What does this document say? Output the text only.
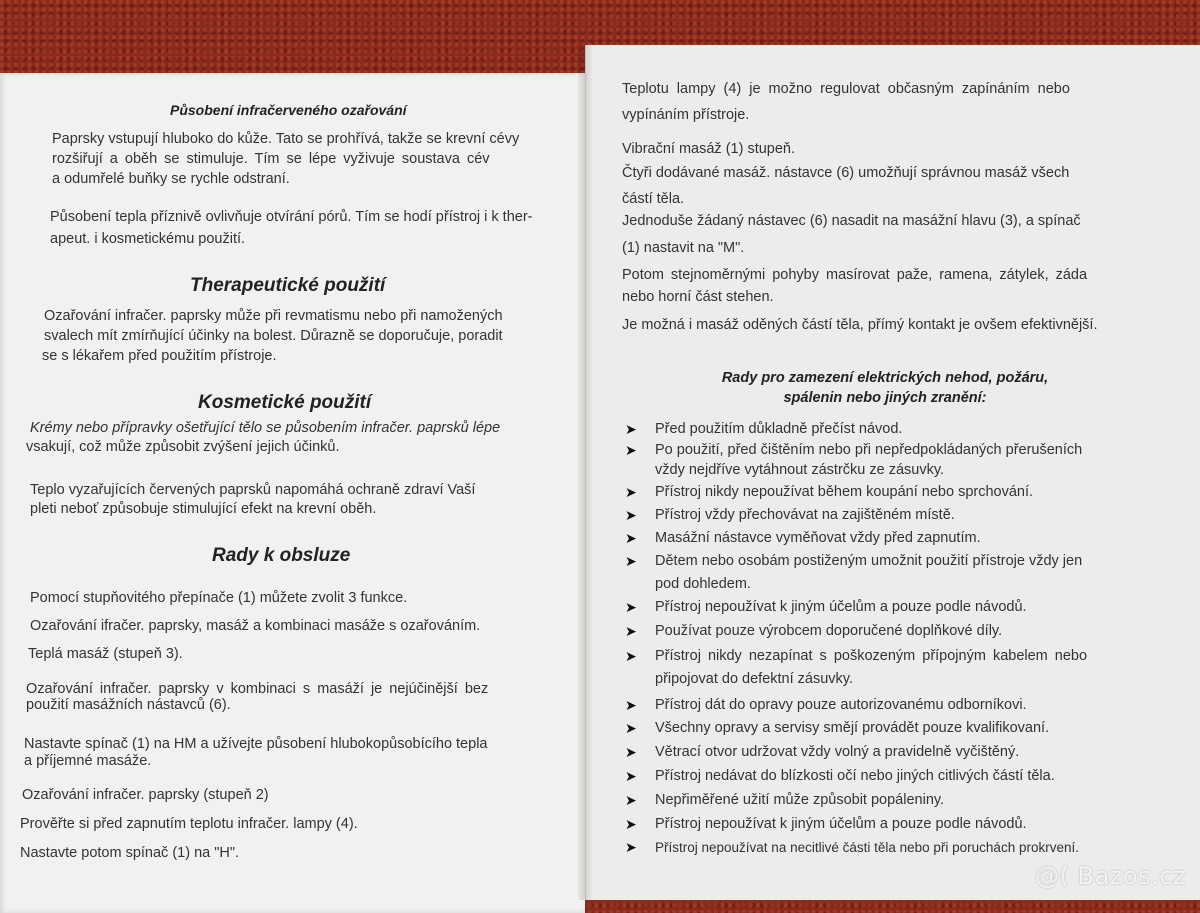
Působení infračerveného ozařování
Paprsky vstupují hluboko do kůže. Tato se prohřívá, takže se krevní cévy
rozšiřují a oběh se stimuluje. Tím se lépe vyživuje soustava cév
a odumřelé buňky se rychle odstraní.
Působení tepla příznivě ovlivňuje otvírání pórů. Tím se hodí přístroj i k ther-
apeut. i kosmetickému použití.
Therapeutické použití
Ozařování infračer. paprsky může při revmatismu nebo při namožených
svalech mít zmírňující účinky na bolest. Důrazně se doporučuje, poradit
se s lékařem před použitím přístroje.
Kosmetické použití
Krémy nebo přípravky ošetřující tělo se působením infračer. paprsků lépe
vsakují, což může způsobit zvýšení jejich účinků.
Teplo vyzařujících červených paprsků napomáhá ochraně zdraví Vaší
pleti neboť způsobuje stimulující efekt na krevní oběh.
Rady k obsluze
Pomocí stupňovitého přepínače (1) můžete zvolit 3 funkce.
Ozařování ifračer. paprsky, masáž a kombinaci masáže s ozařováním.
Teplá masáž (stupeň 3).
Ozařování infračer. paprsky v kombinaci s masáží je nejúčinější bez
použití masážních nástavců (6).
Nastavte spínač (1) na HM a užívejte působení hlubokopůsobícího tepla
a příjemné masáže.
Ozařování infračer. paprsky (stupeň 2)
Prověřte si před zapnutím teplotu infračer. lampy (4).
Nastavte potom spínač (1) na "H".
Teplotu lampy (4) je možno regulovat občasným zapínáním nebo
vypínáním přístroje.
Vibrační masáž (1) stupeň.
Čtyři dodávané masáž. nástavce (6) umožňují správnou masáž všech
částí těla.
Jednoduše žádaný nástavec (6) nasadit na masážní hlavu (3), a spínač
(1) nastavit na "M".
Potom stejnoměrnými pohyby masírovat paže, ramena, zátylek, záda
nebo horní část stehen.
Je možná i masáž oděných částí těla, přímý kontakt je ovšem efektivnější.
Rady pro zamezení elektrických nehod, požáru,
spálenin nebo jiných zranění:
➤ Před použitím důkladně přečíst návod.
➤ Po použití, před čištěním nebo při nepředpokládaných přerušeních
vždy nejdříve vytáhnout zástrčku ze zásuvky.
➤ Přístroj nikdy nepoužívat během koupání nebo sprchování.
➤ Přístroj vždy přechovávat na zajištěném místě.
➤ Masážní nástavce vyměňovat vždy před zapnutím.
➤ Dětem nebo osobám postiženým umožnit použití přístroje vždy jen
pod dohledem.
➤ Přístroj nepoužívat k jiným účelům a pouze podle návodů.
➤ Používat pouze výrobcem doporučené doplňkové díly.
➤ Přístroj nikdy nezapínat s poškozeným přípojným kabelem nebo
připojovat do defektní zásuvky.
➤ Přístroj dát do opravy pouze autorizovanému odborníkovi.
➤ Všechny opravy a servisy smějí provádět pouze kvalifikovaní.
➤ Větrací otvor udržovat vždy volný a pravidelně vyčištěný.
➤ Přístroj nedávat do blízkosti očí nebo jiných citlivých částí těla.
➤ Nepřiměřené užití může způsobit popáleniny.
➤ Přístroj nepoužívat k jiným účelům a pouze podle návodů.
➤ Přístroj nepoužívat na necitlivé části těla nebo při poruchách prokrvení.
@( Bazos.cz
